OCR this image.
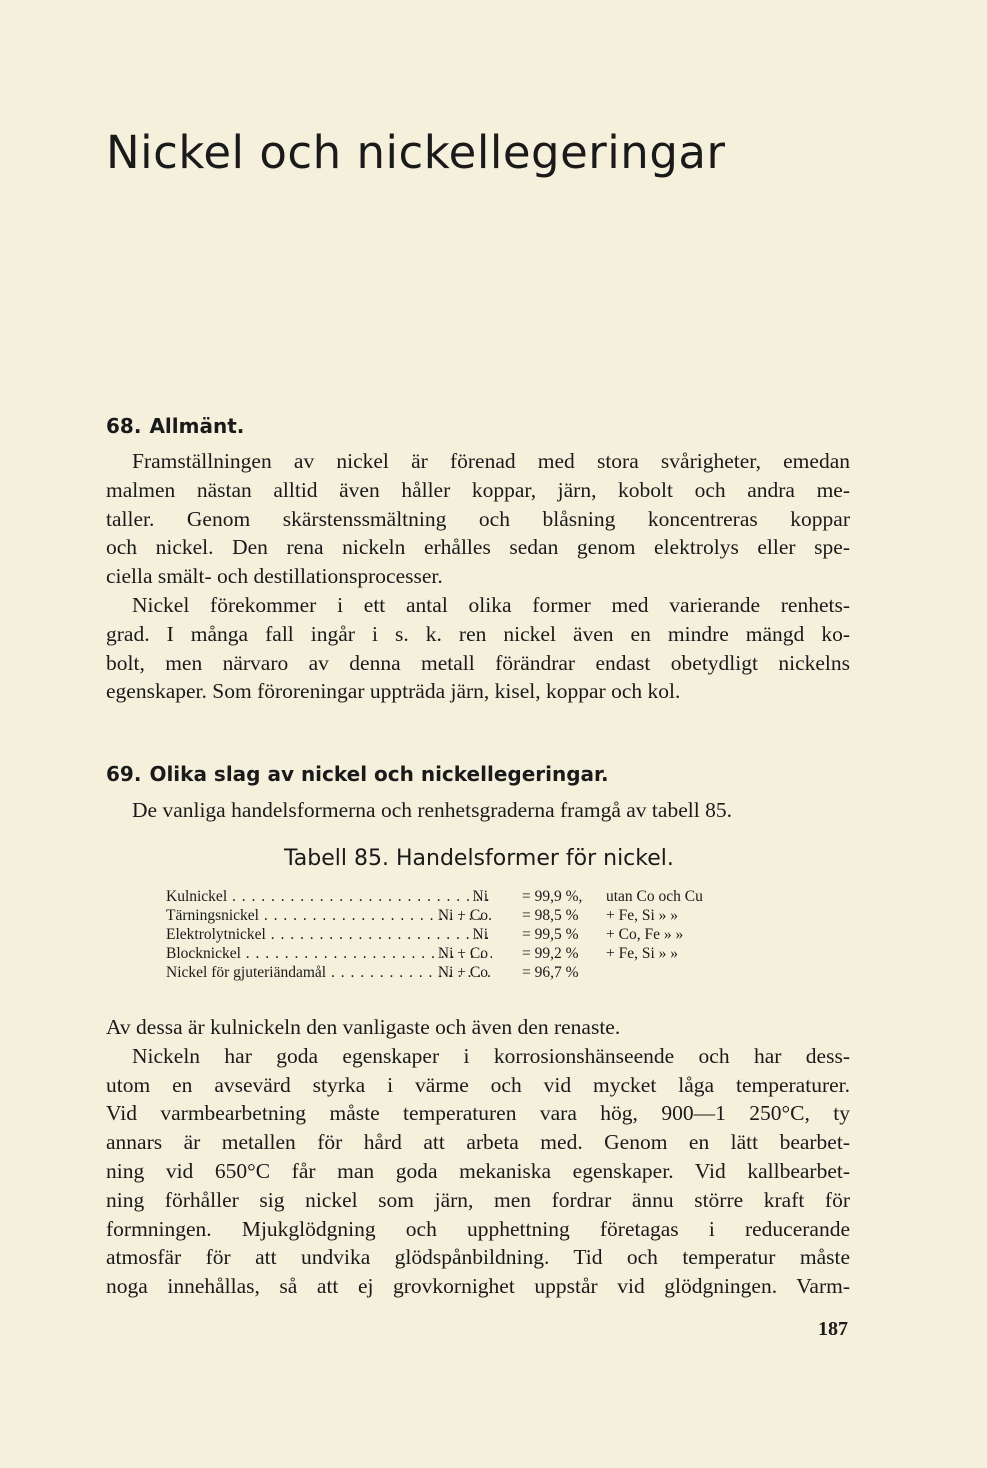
Nickel och nickellegeringar
68. Allmänt.
Framställningen av nickel är förenad med stora svårigheter, emedan
malmen nästan alltid även håller koppar, järn, kobolt och andra me-
taller. Genom skärstenssmältning och blåsning koncentreras koppar
och nickel. Den rena nickeln erhålles sedan genom elektrolys eller spe-
ciella smält- och destillationsprocesser.
Nickel förekommer i ett antal olika former med varierande renhets-
grad. I många fall ingår i s. k. ren nickel även en mindre mängd ko-
bolt, men närvaro av denna metall förändrar endast obetydligt nickelns
egenskaper. Som föroreningar uppträda järn, kisel, koppar och kol.
69. Olika slag av nickel och nickellegeringar.
De vanliga handelsformerna och renhetsgraderna framgå av tabell 85.
Tabell 85. Handelsformer för nickel.
Kulnickel . . .	Ni = 99,9 %, utan Co och Cu
Tärningsnickel . . .	Ni + Co = 98,5 % + Fe, Si » »
Elektrolytnickel . . .	Ni = 99,5 % + Co, Fe » »
Blocknickel . . .	Ni + Co = 99,2 % + Fe, Si » »
Nickel för gjuteriändamål . . .	Ni + Co = 96,7 %
Av dessa är kulnickeln den vanligaste och även den renaste.
Nickeln har goda egenskaper i korrosionshänseende och har dess-
utom en avsevärd styrka i värme och vid mycket låga temperaturer.
Vid varmbearbetning måste temperaturen vara hög, 900—1 250°C, ty
annars är metallen för hård att arbeta med. Genom en lätt bearbet-
ning vid 650°C får man goda mekaniska egenskaper. Vid kallbearbet-
ning förhåller sig nickel som järn, men fordrar ännu större kraft för
formningen. Mjukglödgning och upphettning företagas i reducerande
atmosfär för att undvika glödspånbildning. Tid och temperatur måste
noga innehållas, så att ej grovkornighet uppstår vid glödgningen. Varm-
187
